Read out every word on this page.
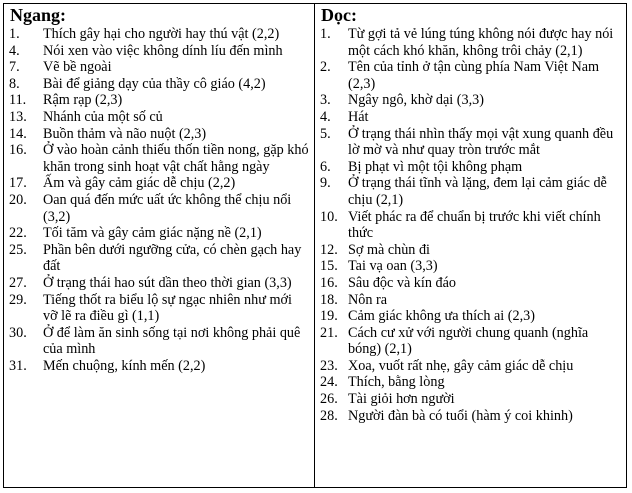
Ngang:
1 .	Thích gây hại cho người hay thú vật (2,2)
4 .	Nói xen vào việc không dính líu đến mình
7 .	Vẽ bề ngoài
8 .	Bài để giảng dạy của thầy cô giáo (4,2)
11 .	Rậm rạp (2,3)
13 .	Nhánh của một số củ
14 .	Buồn thảm và não nuột (2,3)
16 .	Ở vào hoàn cảnh thiếu thốn tiền nong, gặp khó khăn trong sinh hoạt vật chất hằng ngày
17 .	Ấm và gây cảm giác dễ chịu (2,2)
20 .	Oan quá đến mức uất ức không thể chịu nổi (3,2)
22 .	Tối tăm và gây cảm giác nặng nề (2,1)
25 .	Phần bên dưới ngưỡng cửa, có chèn gạch hay đất
27 .	Ở trạng thái hao sút dần theo thời gian (3,3)
29 .	Tiếng thốt ra biểu lộ sự ngạc nhiên như mới vỡ lẽ ra điều gì (1,1)
30 .	Ở để làm ăn sinh sống tại nơi không phải quê của mình
31 .	Mến chuộng, kính mến (2,2)
Dọc:
1 .	Từ gợi tả vẻ lúng túng không nói được hay nói một cách khó khăn, không trôi chảy (2,1)
2 .	Tên của tỉnh ở tận cùng phía Nam Việt Nam (2,3)
3 .	Ngây ngô, khờ dại (3,3)
4 .	Hát
5 .	Ở trạng thái nhìn thấy mọi vật xung quanh đều lờ mờ và như quay tròn trước mắt
6 .	Bị phạt vì một tội không phạm
9 .	Ở trạng thái tĩnh và lặng, đem lại cảm giác dễ chịu (2,1)
10 . Viết phác ra để chuẩn bị trước khi viết chính thức
12 . Sợ mà chùn đi
15 . Tai vạ oan (3,3)
16 . Sâu độc và kín đáo
18 . Nôn ra
19 . Cảm giác không ưa thích ai (2,3)
21 . Cách cư xử với người chung quanh (nghĩa bóng) (2,1)
23 . Xoa, vuốt rất nhẹ, gây cảm giác dễ chịu
24 . Thích, bằng lòng
26 . Tài giỏi hơn người
28 . Người đàn bà có tuổi (hàm ý coi khinh)
